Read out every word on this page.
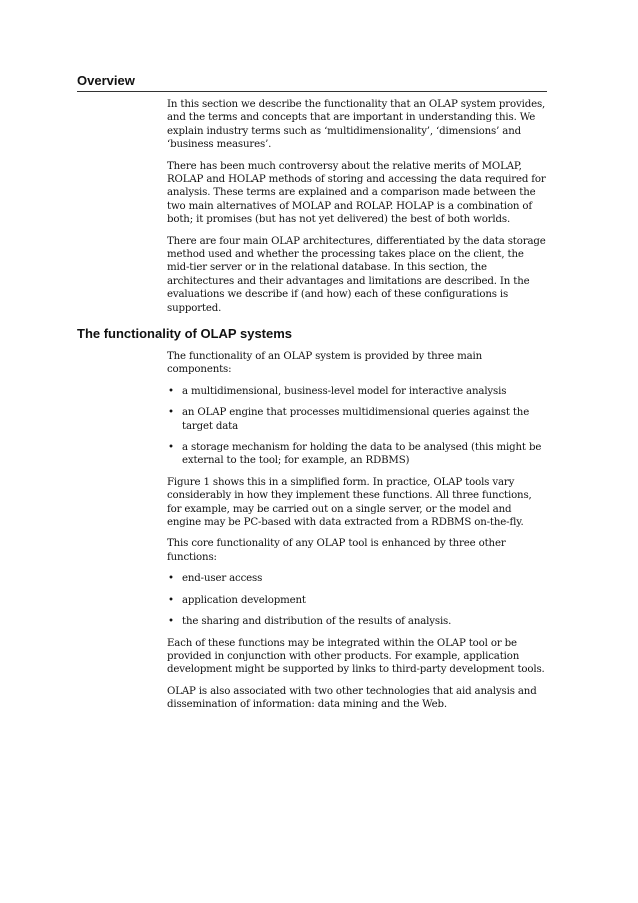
Overview

In this section we describe the functionality that an OLAP system provides, and the terms and concepts that are important in understanding this. We explain industry terms such as ‘multidimensionality’, ‘dimensions’ and ‘business measures’.

There has been much controversy about the relative merits of MOLAP, ROLAP and HOLAP methods of storing and accessing the data required for analysis. These terms are explained and a comparison made between the two main alternatives of MOLAP and ROLAP. HOLAP is a combination of both; it promises (but has not yet delivered) the best of both worlds.

There are four main OLAP architectures, differentiated by the data storage method used and whether the processing takes place on the client, the mid-tier server or in the relational database. In this section, the architectures and their advantages and limitations are described. In the evaluations we describe if (and how) each of these configurations is supported.

The functionality of OLAP systems

The functionality of an OLAP system is provided by three main components:

• a multidimensional, business-level model for interactive analysis
• an OLAP engine that processes multidimensional queries against the target data
• a storage mechanism for holding the data to be analysed (this might be external to the tool; for example, an RDBMS)

Figure 1 shows this in a simplified form. In practice, OLAP tools vary considerably in how they implement these functions. All three functions, for example, may be carried out on a single server, or the model and engine may be PC-based with data extracted from a RDBMS on-the-fly.

This core functionality of any OLAP tool is enhanced by three other functions:

• end-user access
• application development
• the sharing and distribution of the results of analysis.

Each of these functions may be integrated within the OLAP tool or be provided in conjunction with other products. For example, application development might be supported by links to third-party development tools.

OLAP is also associated with two other technologies that aid analysis and dissemination of information: data mining and the Web.
